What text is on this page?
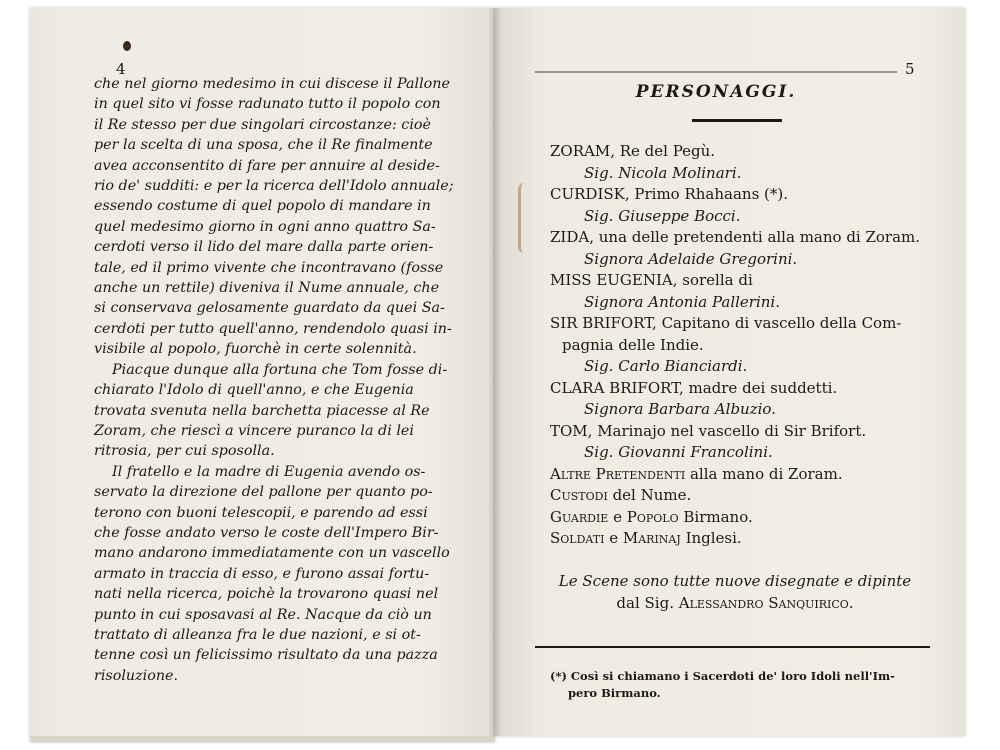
4

che nel giorno medesimo in cui discese il Pallone
in quel sito vi fosse radunato tutto il popolo con
il Re stesso per due singolari circostanze: cioè
per la scelta di una sposa, che il Re finalmente
avea acconsentito di fare per annuire al deside-
rio de' sudditi: e per la ricerca dell'Idolo annuale;
essendo costume di quel popolo di mandare in
quel medesimo giorno in ogni anno quattro Sa-
cerdoti verso il lido del mare dalla parte orien-
tale, ed il primo vivente che incontravano (fosse
anche un rettile) diveniva il Nume annuale, che
si conservava gelosamente guardato da quei Sa-
cerdoti per tutto quell'anno, rendendolo quasi in-
visibile al popolo, fuorchè in certe solennità.

Piacque dunque alla fortuna che Tom fosse di-
chiarato l'Idolo di quell'anno, e che Eugenia
trovata svenuta nella barchetta piacesse al Re
Zoram, che riescì a vincere puranco la di lei
ritrosia, per cui sposolla.

Il fratello e la madre di Eugenia avendo os-
servato la direzione del pallone per quanto po-
terono con buoni telescopii, e parendo ad essi
che fosse andato verso le coste dell'Impero Bir-
mano andarono immediatamente con un vascello
armato in traccia di esso, e furono assai fortu-
nati nella ricerca, poichè la trovarono quasi nel
punto in cui sposavasi al Re. Nacque da ciò un
trattato di alleanza fra le due nazioni, e si ot-
tenne così un felicissimo risultato da una pazza
risoluzione.

5
PERSONAGGI.
ZORAM, Re del Pegù.
Sig. Nicola Molinari.
CURDISK, Primo Rhahaans (*).
Sig. Giuseppe Bocci.
ZIDA, una delle pretendenti alla mano di Zoram.
Signora Adelaide Gregorini.
MISS EUGENIA, sorella di
Signora Antonia Pallerini.
SIR BRIFORT, Capitano di vascello della Com-
pagnia delle Indie.
Sig. Carlo Bianciardi.
CLARA BRIFORT, madre dei suddetti.
Signora Barbara Albuzio.
TOM, Marinajo nel vascello di Sir Brifort.
Sig. Giovanni Francolini.
Altre Pretendenti alla mano di Zoram.
Custodi del Nume.
Guardie e Popolo Birmano.
Soldati e Marinaj Inglesi.
Le Scene sono tutte nuove disegnate e dipinte
dal Sig. Alessandro Sanquirico.
(*) Così si chiamano i Sacerdoti de' loro Idoli nell'Im-
pero Birmano.
